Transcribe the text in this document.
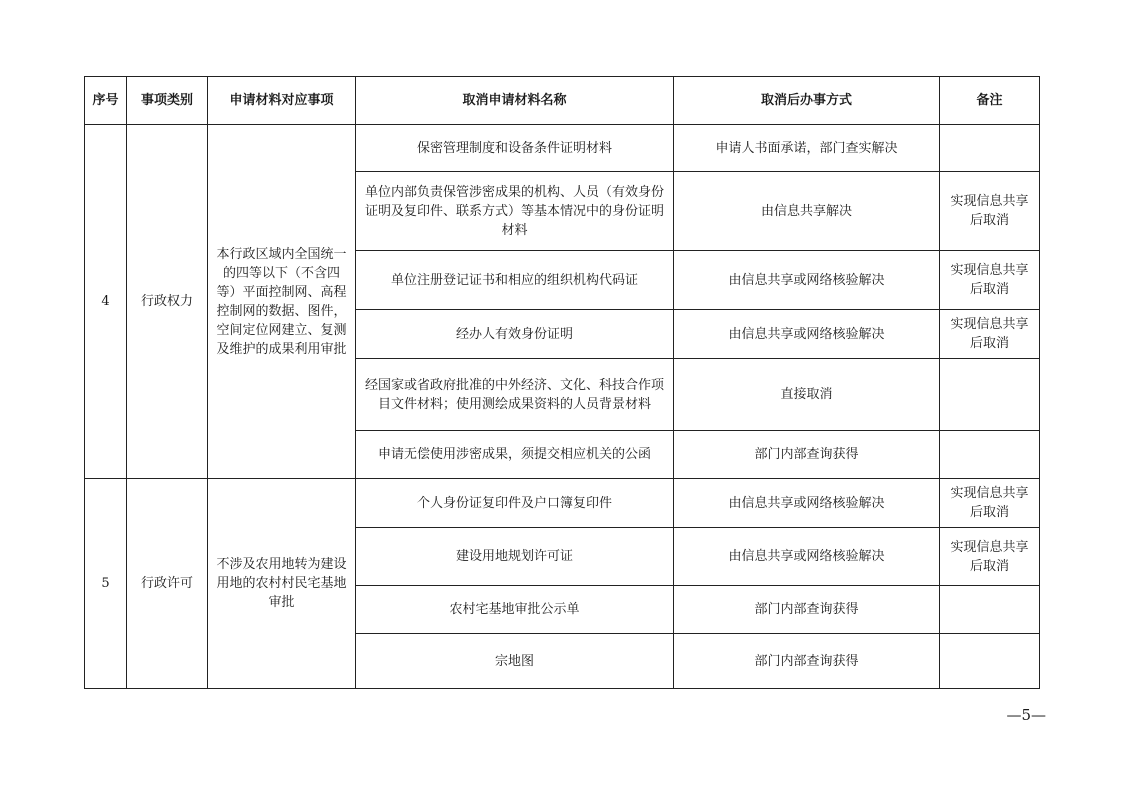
序号	事项类别	申请材料对应事项	取消申请材料名称	取消后办事方式	备注
4	行政权力	本行政区域内全国统一的四等以下（不含四等）平面控制网、高程控制网的数据、图件，空间定位网建立、复测及维护的成果利用审批	保密管理制度和设备条件证明材料	申请人书面承诺，部门查实解决	
			单位内部负责保管涉密成果的机构、人员（有效身份证明及复印件、联系方式）等基本情况中的身份证明材料	由信息共享解决	实现信息共享后取消
			单位注册登记证书和相应的组织机构代码证	由信息共享或网络核验解决	实现信息共享后取消
			经办人有效身份证明	由信息共享或网络核验解决	实现信息共享后取消
			经国家或省政府批准的中外经济、文化、科技合作项目文件材料；使用测绘成果资料的人员背景材料	直接取消	
			申请无偿使用涉密成果，须提交相应机关的公函	部门内部查询获得	
5	行政许可	不涉及农用地转为建设用地的农村村民宅基地审批	个人身份证复印件及户口簿复印件	由信息共享或网络核验解决	实现信息共享后取消
			建设用地规划许可证	由信息共享或网络核验解决	实现信息共享后取消
			农村宅基地审批公示单	部门内部查询获得	
			宗地图	部门内部查询获得	
—5—
